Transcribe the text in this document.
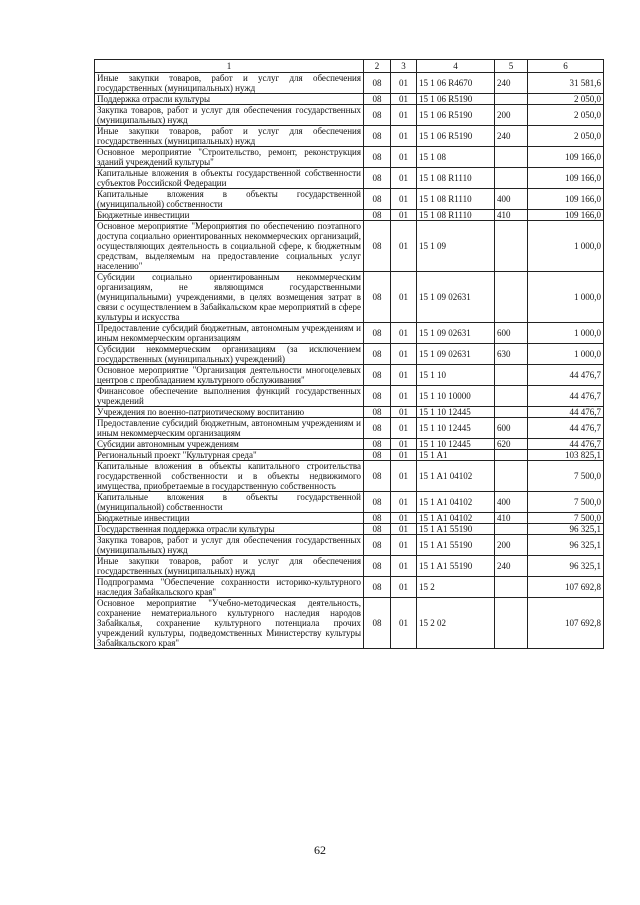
1	2	3	4	5	6
Иные закупки товаров, работ и услуг для обеспечения государственных (муниципальных) нужд	08	01	15 1 06 R4670	240	31 581,6
Поддержка отрасли культуры	08	01	15 1 06 R5190		2 050,0
Закупка товаров, работ и услуг для обеспечения государственных (муниципальных) нужд	08	01	15 1 06 R5190	200	2 050,0
Иные закупки товаров, работ и услуг для обеспечения государственных (муниципальных) нужд	08	01	15 1 06 R5190	240	2 050,0
Основное мероприятие "Строительство, ремонт, реконструкция зданий учреждений культуры"	08	01	15 1 08		109 166,0
Капитальные вложения в объекты государственной собственности субъектов Российской Федерации	08	01	15 1 08 R1110		109 166,0
Капитальные вложения в объекты государственной (муниципальной) собственности	08	01	15 1 08 R1110	400	109 166,0
Бюджетные инвестиции	08	01	15 1 08 R1110	410	109 166,0
Основное мероприятие "Мероприятия по обеспечению поэтапного доступа социально ориентированных некоммерческих организаций, осуществляющих деятельность в социальной сфере, к бюджетным средствам, выделяемым на предоставление социальных услуг населению"	08	01	15 1 09		1 000,0
Субсидии социально ориентированным некоммерческим организациям, не являющимся государственными (муниципальными) учреждениями, в целях возмещения затрат в связи с осуществлением в Забайкальском крае мероприятий в сфере культуры и искусства	08	01	15 1 09 02631		1 000,0
Предоставление субсидий бюджетным, автономным учреждениям и иным некоммерческим организациям	08	01	15 1 09 02631	600	1 000,0
Субсидии некоммерческим организациям (за исключением государственных (муниципальных) учреждений)	08	01	15 1 09 02631	630	1 000,0
Основное мероприятие "Организация деятельности многоцелевых центров с преобладанием культурного обслуживания"	08	01	15 1 10		44 476,7
Финансовое обеспечение выполнения функций государственных учреждений	08	01	15 1 10 10000		44 476,7
Учреждения по военно-патриотическому воспитанию	08	01	15 1 10 12445		44 476,7
Предоставление субсидий бюджетным, автономным учреждениям и иным некоммерческим организациям	08	01	15 1 10 12445	600	44 476,7
Субсидии автономным учреждениям	08	01	15 1 10 12445	620	44 476,7
Региональный проект "Культурная среда"	08	01	15 1 A1		103 825,1
Капитальные вложения в объекты капитального строительства государственной собственности и в объекты недвижимого имущества, приобретаемые в государственную собственность	08	01	15 1 A1 04102		7 500,0
Капитальные вложения в объекты государственной (муниципальной) собственности	08	01	15 1 A1 04102	400	7 500,0
Бюджетные инвестиции	08	01	15 1 A1 04102	410	7 500,0
Государственная поддержка отрасли культуры	08	01	15 1 A1 55190		96 325,1
Закупка товаров, работ и услуг для обеспечения государственных (муниципальных) нужд	08	01	15 1 A1 55190	200	96 325,1
Иные закупки товаров, работ и услуг для обеспечения государственных (муниципальных) нужд	08	01	15 1 A1 55190	240	96 325,1
Подпрограмма "Обеспечение сохранности историко-культурного наследия Забайкальского края"	08	01	15 2		107 692,8
Основное мероприятие "Учебно-методическая деятельность, сохранение нематериального культурного наследия народов Забайкалья, сохранение культурного потенциала прочих учреждений культуры, подведомственных Министерству культуры Забайкальского края"	08	01	15 2 02		107 692,8
62
